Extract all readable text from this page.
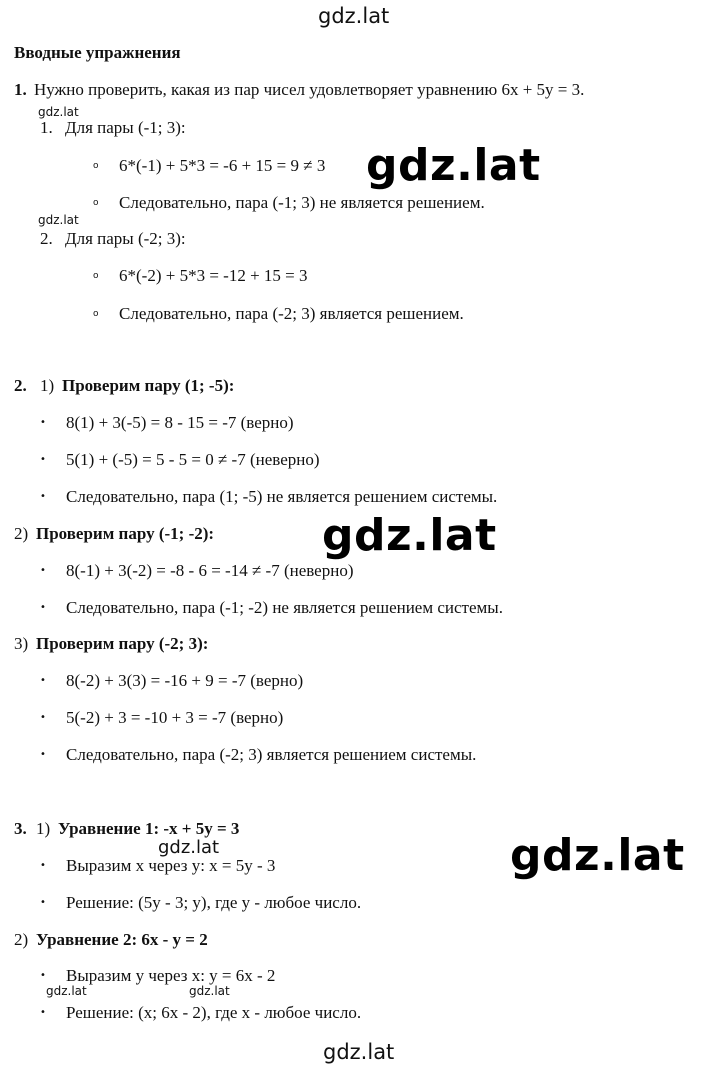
gdz.lat
Вводные упражнения
1. Нужно проверить, какая из пар чисел удовлетворяет уравнению 6x + 5y = 3.
gdz.lat
1. Для пары (-1; 3):
o 6*(-1) + 5*3 = -6 + 15 = 9 ≠ 3
o Следовательно, пара (-1; 3) не является решением.
gdz.lat
2. Для пары (-2; 3):
o 6*(-2) + 5*3 = -12 + 15 = 3
o Следовательно, пара (-2; 3) является решением.
2. 1) Проверим пару (1; -5):
• 8(1) + 3(-5) = 8 - 15 = -7 (верно)
• 5(1) + (-5) = 5 - 5 = 0 ≠ -7 (неверно)
• Следовательно, пара (1; -5) не является решением системы.
2) Проверим пару (-1; -2):
• 8(-1) + 3(-2) = -8 - 6 = -14 ≠ -7 (неверно)
• Следовательно, пара (-1; -2) не является решением системы.
3) Проверим пару (-2; 3):
• 8(-2) + 3(3) = -16 + 9 = -7 (верно)
• 5(-2) + 3 = -10 + 3 = -7 (верно)
• Следовательно, пара (-2; 3) является решением системы.
3. 1) Уравнение 1: -x + 5y = 3
gdz.lat
• Выразим x через y: x = 5y - 3
• Решение: (5y - 3; y), где y - любое число.
2) Уравнение 2: 6x - y = 2
• Выразим y через x: y = 6x - 2
gdz.lat	gdz.lat
• Решение: (x; 6x - 2), где x - любое число.
gdz.lat
gdz.lat
gdz.lat
gdz.lat
